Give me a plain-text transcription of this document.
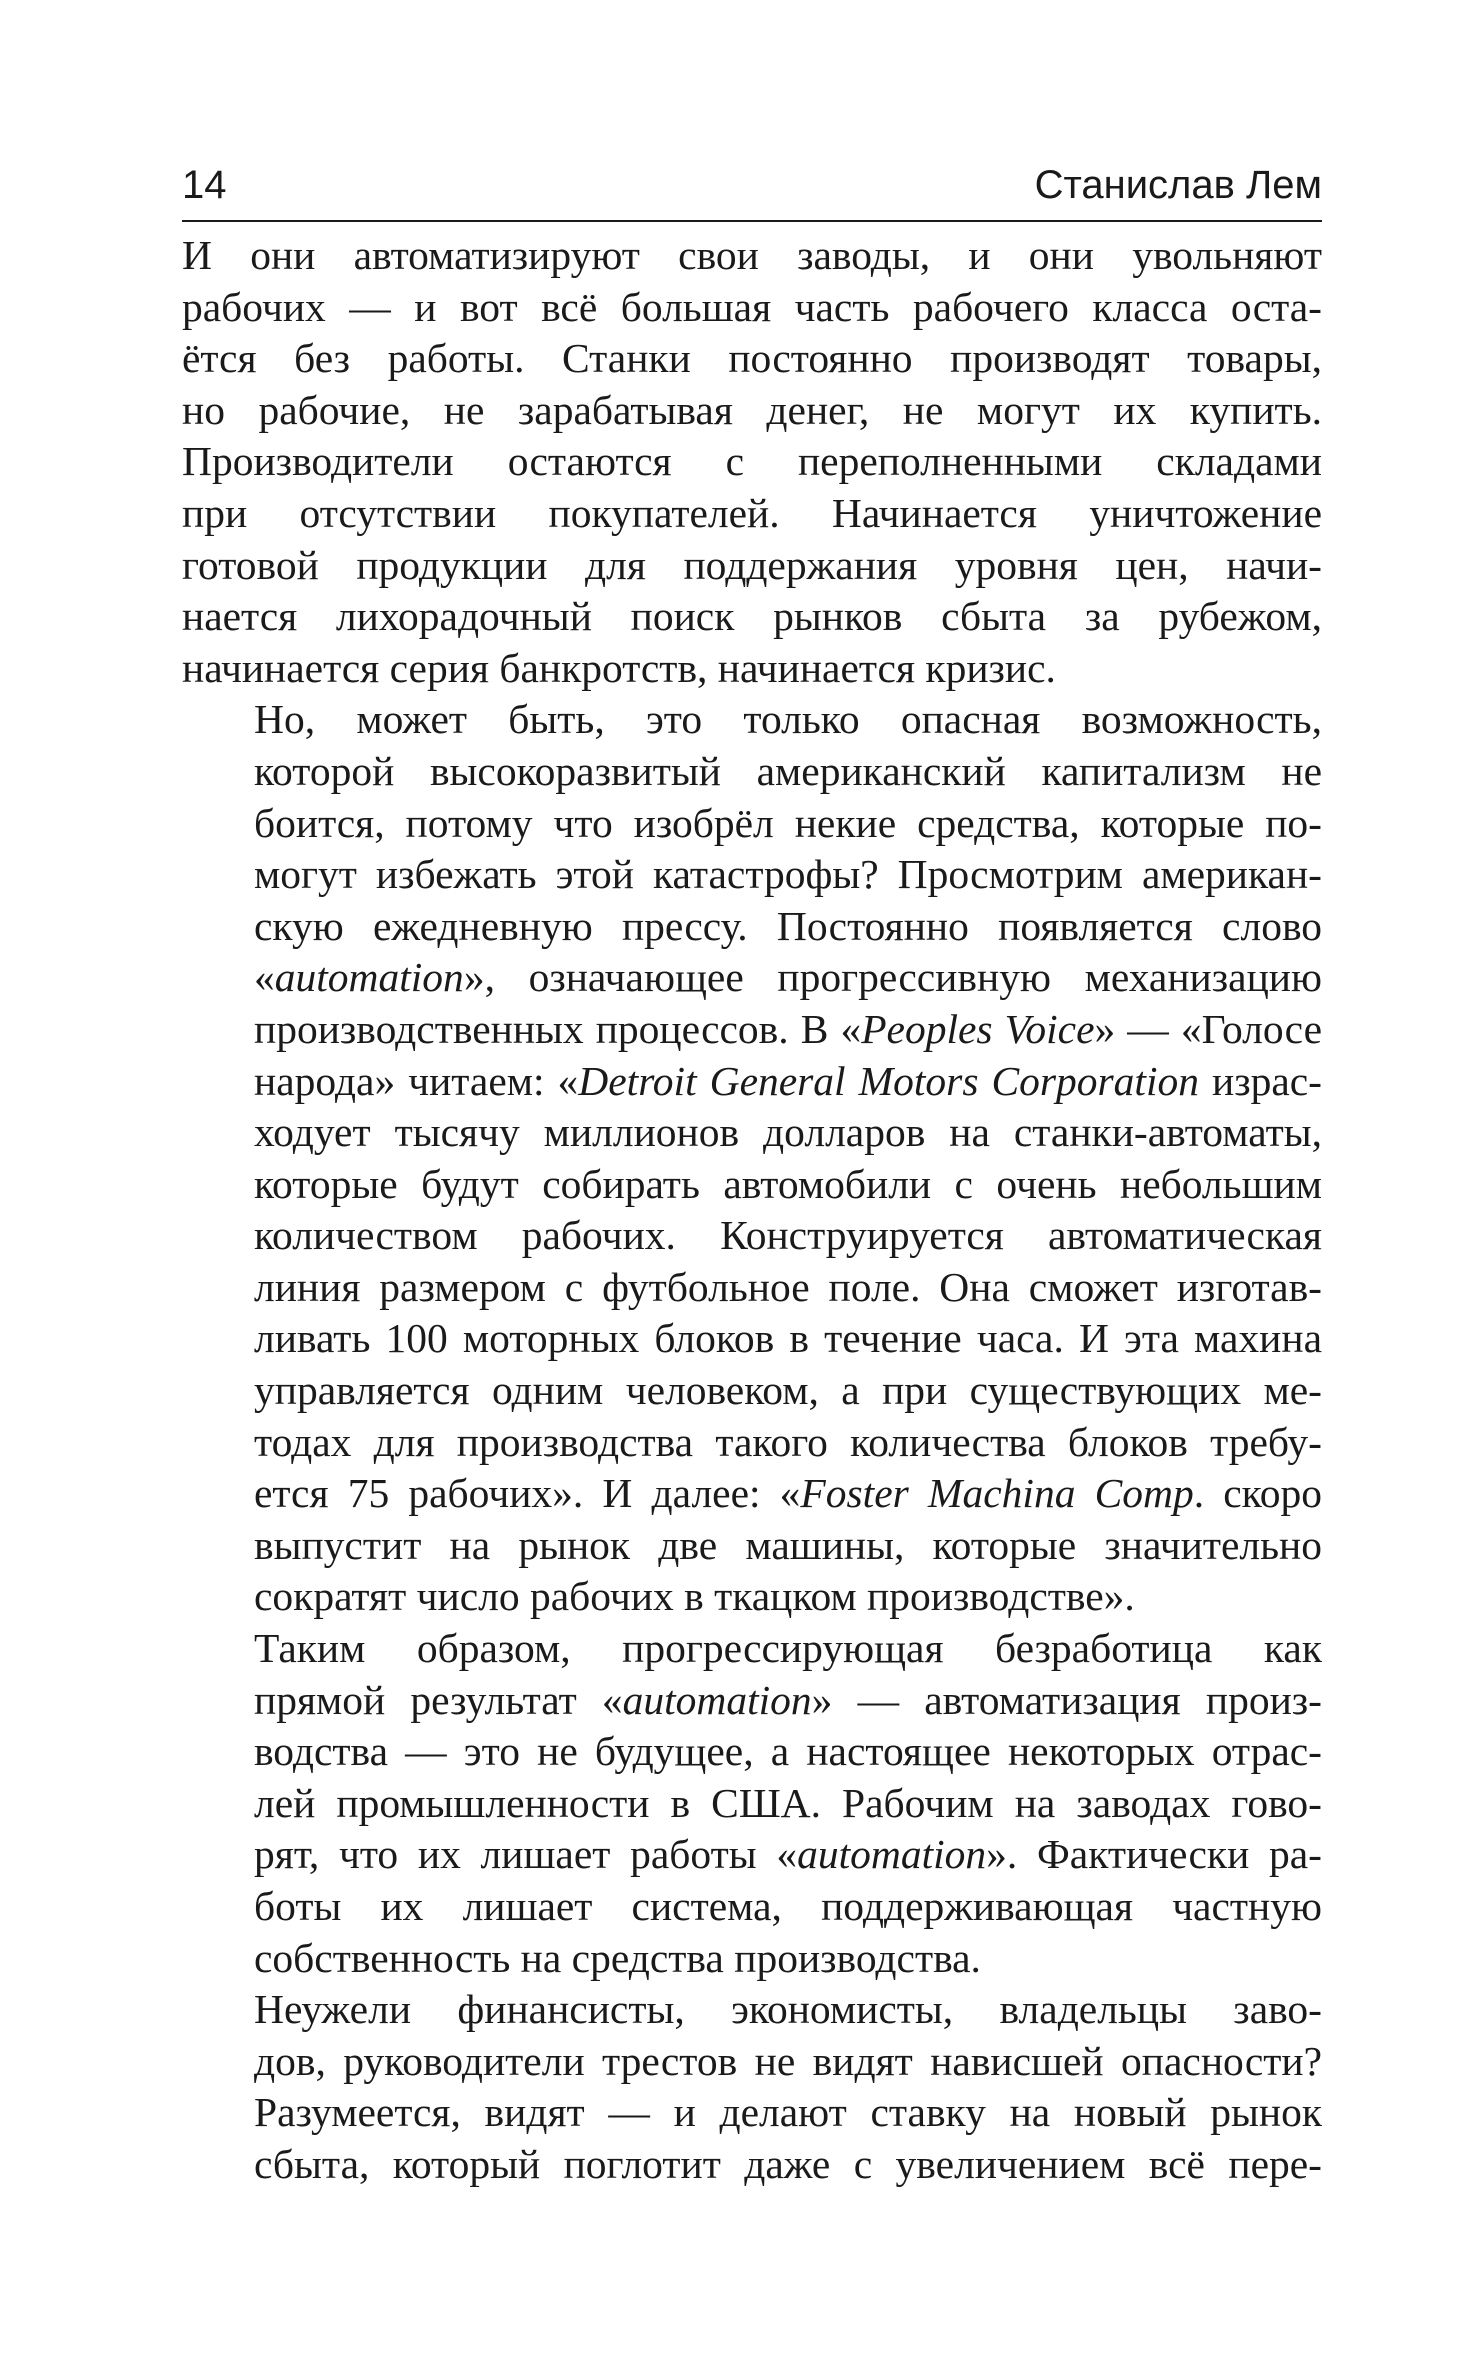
14	Станислав Лем

И они автоматизируют свои заводы, и они увольняют
рабочих — и вот всё большая часть рабочего класса оста-
ётся без работы. Станки постоянно производят товары,
но рабочие, не зарабатывая денег, не могут их купить.
Производители остаются с переполненными складами
при отсутствии покупателей. Начинается уничтожение
готовой продукции для поддержания уровня цен, начи-
нается лихорадочный поиск рынков сбыта за рубежом,
начинается серия банкротств, начинается кризис.

Но, может быть, это только опасная возможность,
которой высокоразвитый американский капитализм не
боится, потому что изобрёл некие средства, которые по-
могут избежать этой катастрофы? Просмотрим американ-
скую ежедневную прессу. Постоянно появляется слово
«automation», означающее прогрессивную механизацию
производственных процессов. В «Peoples Voice» — «Голосе
народа» читаем: «Detroit General Motors Corporation израс-
ходует тысячу миллионов долларов на станки-автоматы,
которые будут собирать автомобили с очень небольшим
количеством рабочих. Конструируется автоматическая
линия размером с футбольное поле. Она сможет изготав-
ливать 100 моторных блоков в течение часа. И эта махина
управляется одним человеком, а при существующих ме-
тодах для производства такого количества блоков требу-
ется 75 рабочих». И далее: «Foster Machina Comp. скоро
выпустит на рынок две машины, которые значительно
сократят число рабочих в ткацком производстве».

Таким образом, прогрессирующая безработица как
прямой результат «automation» — автоматизация произ-
водства — это не будущее, а настоящее некоторых отрас-
лей промышленности в США. Рабочим на заводах гово-
рят, что их лишает работы «automation». Фактически ра-
боты их лишает система, поддерживающая частную
собственность на средства производства.

Неужели финансисты, экономисты, владельцы заво-
дов, руководители трестов не видят нависшей опасности?
Разумеется, видят — и делают ставку на новый рынок
сбыта, который поглотит даже с увеличением всё пере-
